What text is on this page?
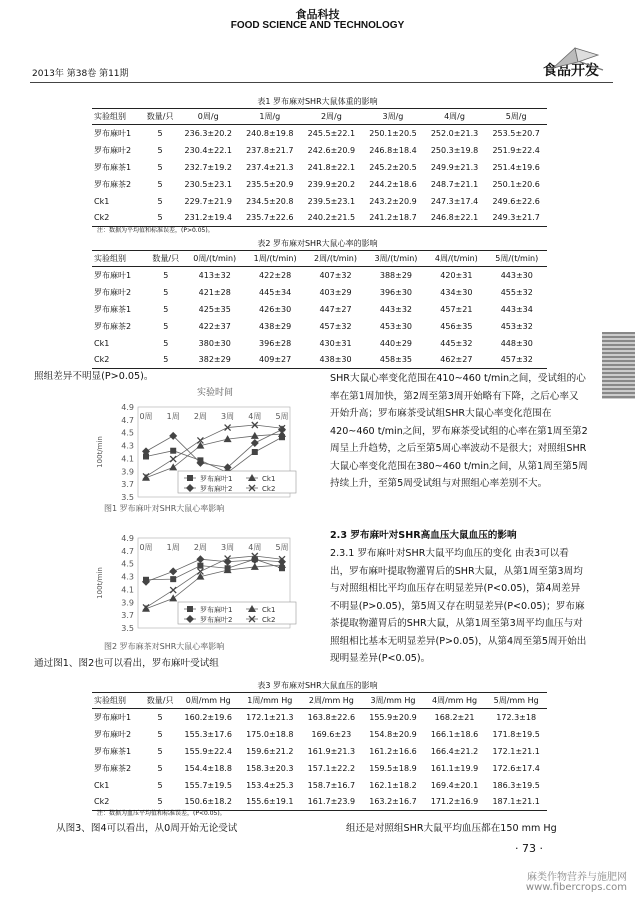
食品科技
FOOD SCIENCE AND TECHNOLOGY
2013年 第38卷 第11期	食品开发
表1 罗布麻对SHR大鼠体重的影响
实验组别	数量/只	0周/g	1周/g	2周/g	3周/g	4周/g	5周/g
罗布麻叶1	5	236.3±20.2	240.8±19.8	245.5±22.1	250.1±20.5	252.0±21.3	253.5±20.7
罗布麻叶2	5	230.4±22.1	237.8±21.7	242.6±20.9	246.8±18.4	250.3±19.8	251.9±22.4
罗布麻茶1	5	232.7±19.2	237.4±21.3	241.8±22.1	245.2±20.5	249.9±21.3	251.4±19.6
罗布麻茶2	5	230.5±23.1	235.5±20.9	239.9±20.2	244.2±18.6	248.7±21.1	250.1±20.6
Ck1	5	229.7±21.9	234.5±20.8	239.5±23.1	243.2±20.9	247.3±17.4	249.6±22.6
Ck2	5	231.2±19.4	235.7±22.6	240.2±21.5	241.2±18.7	246.8±22.1	249.3±21.7
注：数据为平均值和标准误差，(P>0.05)。
表2 罗布麻对SHR大鼠心率的影响
实验组别	数量/只	0周/(t/min)	1周/(t/min)	2周/(t/min)	3周/(t/min)	4周/(t/min)	5周/(t/min)
罗布麻叶1	5	413±32	422±28	407±32	388±29	420±31	443±30
罗布麻叶2	5	421±28	445±34	403±29	396±30	434±30	455±32
罗布麻茶1	5	425±35	426±30	447±27	443±32	457±21	443±34
罗布麻茶2	5	422±37	438±29	457±32	453±30	456±35	453±32
Ck1	5	380±30	396±28	430±31	440±29	445±32	448±30
Ck2	5	382±29	409±27	438±30	458±35	462±27	457±32
照组差异不明显(P>0.05)。
实验时间
4.9
4.7
4.5
4.3
4.1
3.9
3.7
3.5
0周 1周 2周 3周 4周 5周
100t/min
罗布麻叶1
罗布麻叶2
Ck1
Ck2
图1 罗布麻叶对SHR大鼠心率影响
4.9
4.7
4.5
4.3
4.1
3.9
3.7
3.5
0周 1周 2周 3周 4周 5周
100t/min
罗布麻叶1
罗布麻叶2
Ck1
Ck2
图2 罗布麻茶对SHR大鼠心率影响
通过图1、图2也可以看出，罗布麻叶受试组
SHR大鼠心率变化范围在410~460 t/min之间，受试组的心率在第1周加快，第2周至第3周开始略有下降，之后心率又开始升高；罗布麻茶受试组SHR大鼠心率变化范围在420~460 t/min之间，罗布麻茶受试组的心率在第1周至第2周呈上升趋势，之后至第5周心率波动不是很大；对照组SHR大鼠心率变化范围在380~460 t/min之间，从第1周至第5周持续上升，至第5周受试组与对照组心率差别不大。
2.3 罗布麻叶对SHR高血压大鼠血压的影响
2.3.1 罗布麻叶对SHR大鼠平均血压的变化 由表3可以看出，罗布麻叶提取物灌胃后的SHR大鼠，从第1周至第3周均与对照组相比平均血压存在明显差异(P<0.05)，第4周差异不明显(P>0.05)，第5周又存在明显差异(P<0.05)；罗布麻茶提取物灌胃后的SHR大鼠，从第1周至第3周平均血压与对照组相比基本无明显差异(P>0.05)，从第4周至第5周开始出现明显差异(P<0.05)。
表3 罗布麻对SHR大鼠血压的影响
实验组别	数量/只	0周/mm Hg	1周/mm Hg	2周/mm Hg	3周/mm Hg	4周/mm Hg	5周/mm Hg
罗布麻叶1	5	160.2±19.6	172.1±21.3	163.8±22.6	155.9±20.9	168.2±21	172.3±18
罗布麻叶2	5	155.3±17.6	175.0±18.8	169.6±23	154.8±20.9	166.1±18.6	171.8±19.5
罗布麻茶1	5	155.9±22.4	159.6±21.2	161.9±21.3	161.2±16.6	166.4±21.2	172.1±21.1
罗布麻茶2	5	154.4±18.8	158.3±20.3	157.1±22.2	159.5±18.9	161.1±19.9	172.6±17.4
Ck1	5	155.7±19.5	153.4±25.3	158.7±16.7	162.1±18.2	169.4±20.1	186.3±19.5
Ck2	5	150.6±18.2	155.6±19.1	161.7±23.9	163.2±16.7	171.2±16.9	187.1±21.1
注：数据为血压平均值和标准误差，(P<0.05)。
从图3、图4可以看出，从0周开始无论受试	组还是对照组SHR大鼠平均血压都在150 mm Hg
· 73 ·
麻类作物营养与施肥网
www.fibercrops.com
